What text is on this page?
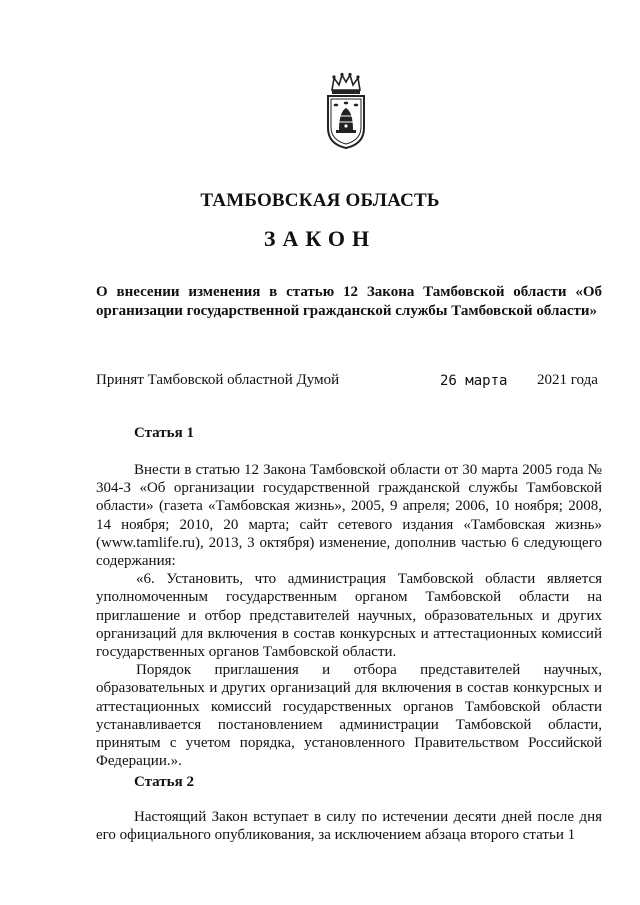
ТАМБОВСКАЯ ОБЛАСТЬ
ЗАКОН
О внесении изменения в статью 12 Закона Тамбовской области «Об организации государственной гражданской службы Тамбовской области»
Принят Тамбовской областной Думой	26 марта 2021 года
Статья 1

Внести в статью 12 Закона Тамбовской области от 30 марта 2005 года № 304-З «Об организации государственной гражданской службы Тамбовской области» (газета «Тамбовская жизнь», 2005, 9 апреля; 2006, 10 ноября; 2008, 14 ноября; 2010, 20 марта; сайт сетевого издания «Тамбовская жизнь» (www.tamlife.ru), 2013, 3 октября) изменение, дополнив частью 6 следующего содержания:

«6. Установить, что администрация Тамбовской области является уполномоченным государственным органом Тамбовской области на приглашение и отбор представителей научных, образовательных и других организаций для включения в состав конкурсных и аттестационных комиссий государственных органов Тамбовской области.

Порядок приглашения и отбора представителей научных, образовательных и других организаций для включения в состав конкурсных и аттестационных комиссий государственных органов Тамбовской области устанавливается постановлением администрации Тамбовской области, принятым с учетом порядка, установленного Правительством Российской Федерации.».

Статья 2

Настоящий Закон вступает в силу по истечении десяти дней после дня его официального опубликования, за исключением абзаца второго статьи 1
